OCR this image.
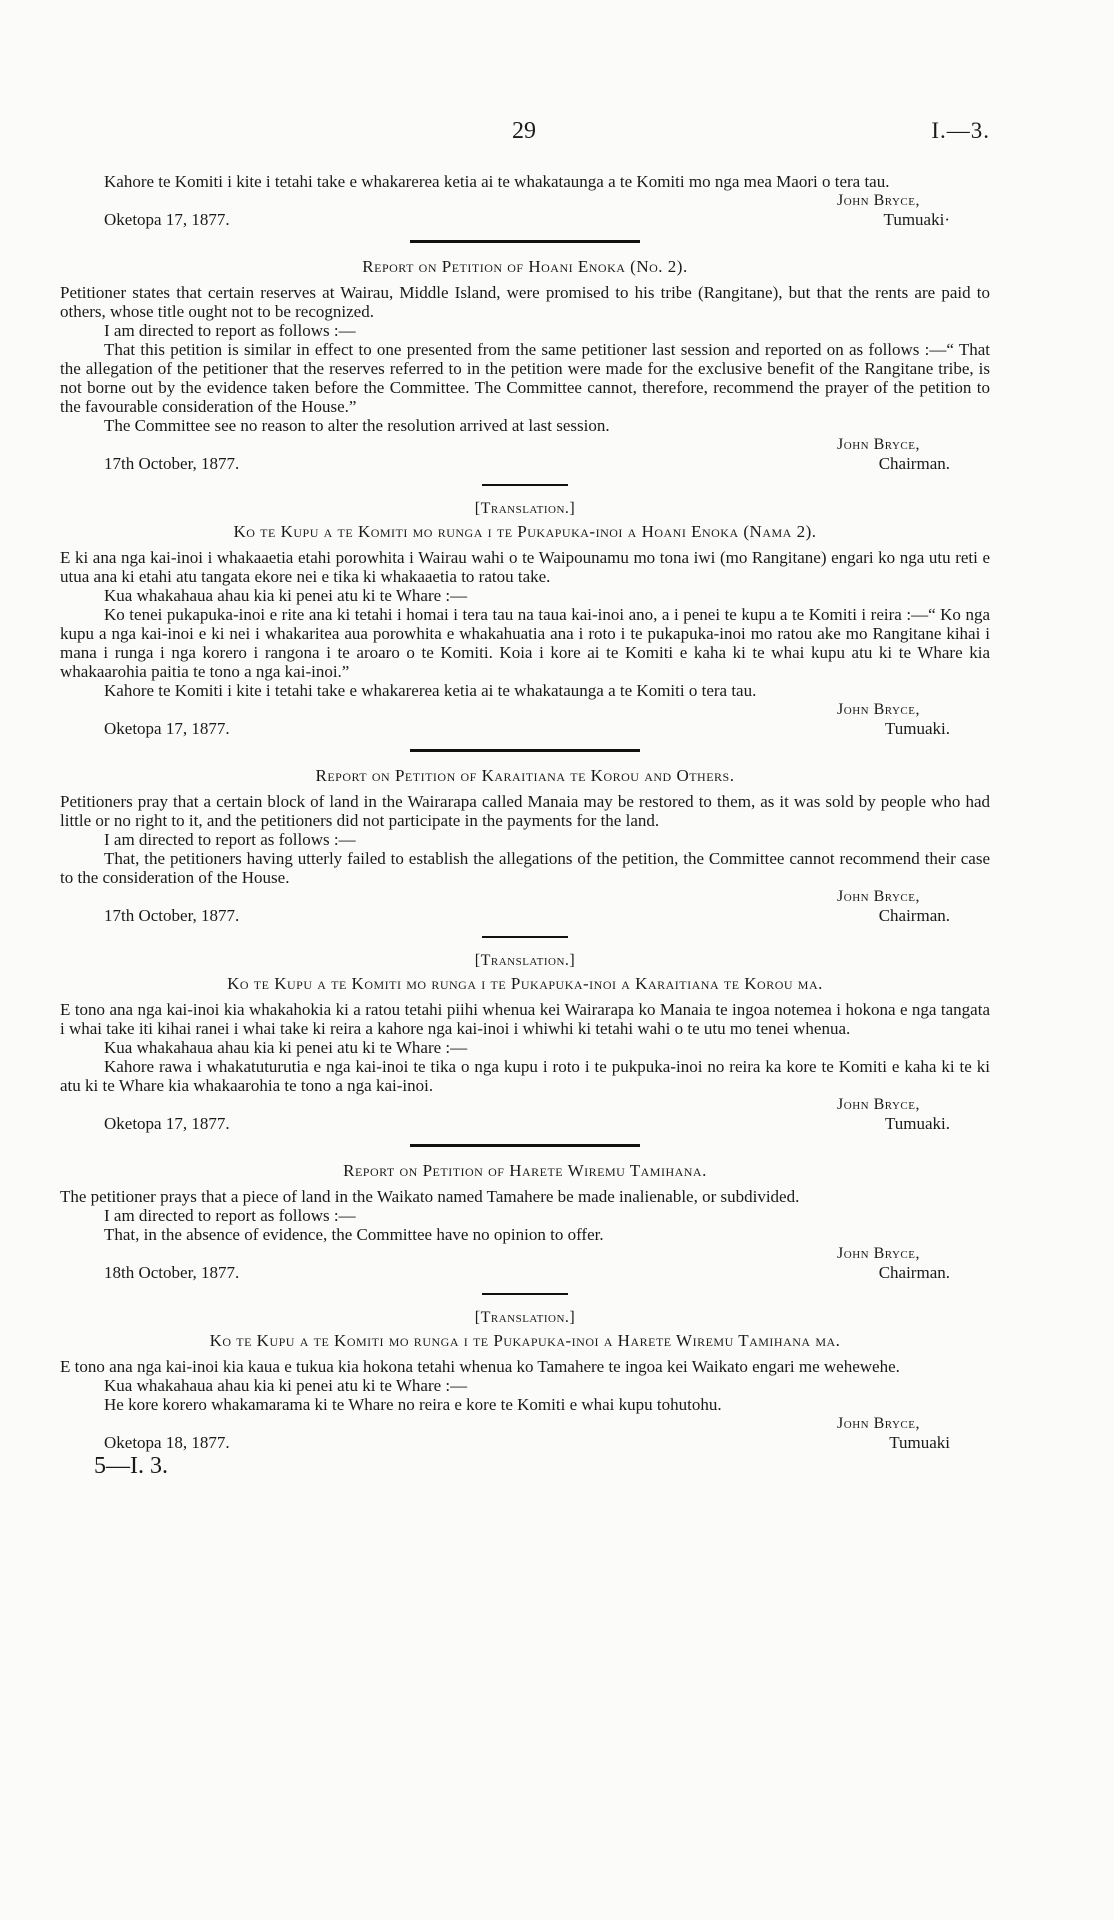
29	I.—3.

Kahore te Komiti i kite i tetahi take e whakarerea ketia ai te whakataunga a te Komiti mo nga mea Maori o tera tau.

John Bryce,

Oketopa 17, 1877.	Tumuaki·
Report on Petition of Hoani Enoka (No. 2).

Petitioner states that certain reserves at Wairau, Middle Island, were promised to his tribe (Rangitane), but that the rents are paid to others, whose title ought not to be recognized.

I am directed to report as follows :—

That this petition is similar in effect to one presented from the same petitioner last session and reported on as follows :—“ That the allegation of the petitioner that the reserves referred to in the petition were made for the exclusive benefit of the Rangitane tribe, is not borne out by the evidence taken before the Committee. The Committee cannot, therefore, recommend the prayer of the petition to the favourable consideration of the House.”

The Committee see no reason to alter the resolution arrived at last session.

John Bryce,

17th October, 1877.	Chairman.
[Translation.]
Ko te Kupu a te Komiti mo runga i te Pukapuka-inoi a Hoani Enoka (Nama 2).

E ki ana nga kai-inoi i whakaaetia etahi porowhita i Wairau wahi o te Waipounamu mo tona iwi (mo Rangitane) engari ko nga utu reti e utua ana ki etahi atu tangata ekore nei e tika ki whakaaetia to ratou take.

Kua whakahaua ahau kia ki penei atu ki te Whare :—

Ko tenei pukapuka-inoi e rite ana ki tetahi i homai i tera tau na taua kai-inoi ano, a i penei te kupu a te Komiti i reira :—“ Ko nga kupu a nga kai-inoi e ki nei i whakaritea aua porowhita e whakahuatia ana i roto i te pukapuka-inoi mo ratou ake mo Rangitane kihai i mana i runga i nga korero i rangona i te aroaro o te Komiti. Koia i kore ai te Komiti e kaha ki te whai kupu atu ki te Whare kia whakaarohia paitia te tono a nga kai-inoi.”

Kahore te Komiti i kite i tetahi take e whakarerea ketia ai te whakataunga a te Komiti o tera tau.

John Bryce,

Oketopa 17, 1877.	Tumuaki.
Report on Petition of Karaitiana te Korou and Others.

Petitioners pray that a certain block of land in the Wairarapa called Manaia may be restored to them, as it was sold by people who had little or no right to it, and the petitioners did not participate in the payments for the land.

I am directed to report as follows :—

That, the petitioners having utterly failed to establish the allegations of the petition, the Committee cannot recommend their case to the consideration of the House.

John Bryce,

17th October, 1877.	Chairman.
[Translation.]
Ko te Kupu a te Komiti mo runga i te Pukapuka-inoi a Karaitiana te Korou ma.

E tono ana nga kai-inoi kia whakahokia ki a ratou tetahi piihi whenua kei Wairarapa ko Manaia te ingoa notemea i hokona e nga tangata i whai take iti kihai ranei i whai take ki reira a kahore nga kai-inoi i whiwhi ki tetahi wahi o te utu mo tenei whenua.

Kua whakahaua ahau kia ki penei atu ki te Whare :—

Kahore rawa i whakatuturutia e nga kai-inoi te tika o nga kupu i roto i te pukpuka-inoi no reira ka kore te Komiti e kaha ki te ki atu ki te Whare kia whakaarohia te tono a nga kai-inoi.

John Bryce,

Oketopa 17, 1877.	Tumuaki.
Report on Petition of Harete Wiremu Tamihana.

The petitioner prays that a piece of land in the Waikato named Tamahere be made inalienable, or subdivided.

I am directed to report as follows :—

That, in the absence of evidence, the Committee have no opinion to offer.

John Bryce,

18th October, 1877.	Chairman.
[Translation.]
Ko te Kupu a te Komiti mo runga i te Pukapuka-inoi a Harete Wiremu Tamihana ma.

E tono ana nga kai-inoi kia kaua e tukua kia hokona tetahi whenua ko Tamahere te ingoa kei Waikato engari me wehewehe.

Kua whakahaua ahau kia ki penei atu ki te Whare :—

He kore korero whakamarama ki te Whare no reira e kore te Komiti e whai kupu tohutohu.

John Bryce,

Oketopa 18, 1877.	Tumuaki
5—I. 3.
